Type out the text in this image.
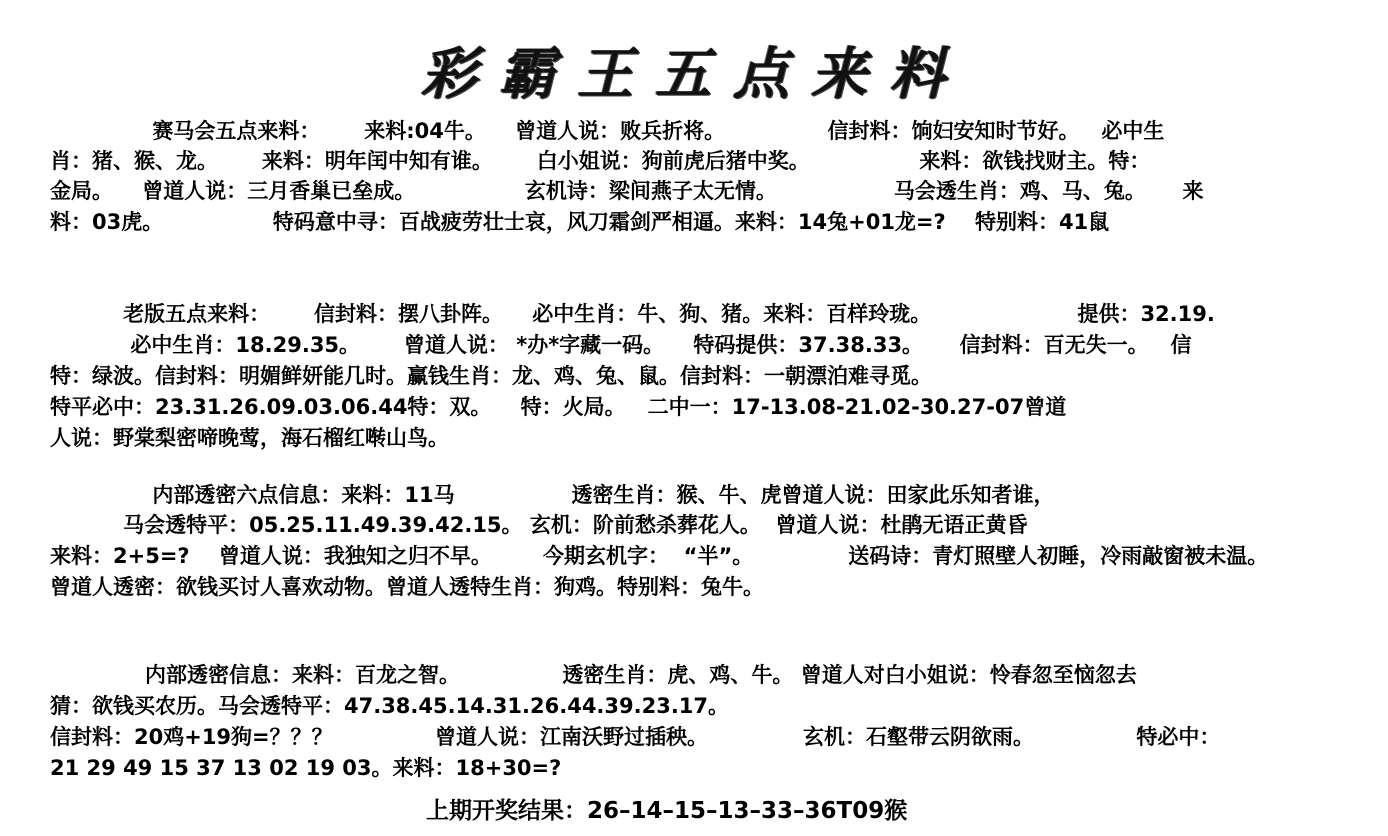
彩霸王五点来料
赛马会五点来料：      来料:04牛。    曾道人说：败兵折将。              信封料：饷妇安知时节好。   必中生
肖：猪、猴、龙。      来料：明年闰中知有谁。      白小姐说：狗前虎后猪中奖。               来料：欲钱找财主。特：
金局。    曾道人说：三月香巢已垒成。               玄机诗：梁间燕子太无情。                马会透生肖：鸡、马、兔。     来
料：03虎。               特码意中寻：百战疲劳壮士哀，风刀霜剑严相逼。来料：14兔+01龙=?    特别料：41鼠
老版五点来料：      信封料：摆八卦阵。    必中生肖：牛、狗、猪。来料：百样玲珑。                    提供：32.19.
必中生肖：18.29.35。      曾道人说： *办*字藏一码。    特码提供：37.38.33。     信封料：百无失一。   信
特：绿波。信封料：明媚鲜妍能几时。赢钱生肖：龙、鸡、兔、鼠。信封料：一朝漂泊难寻觅。
特平必中：23.31.26.09.03.06.44特：双。    特：火局。   二中一：17-13.08-21.02-30.27-07曾道
人说：野棠梨密啼晚莺，海石榴红啭山鸟。
内部透密六点信息：来料：11马                透密生肖：猴、牛、虎曾道人说：田家此乐知者谁，
马会透特平：05.25.11.49.39.42.15。 玄机：阶前愁杀葬花人。  曾道人说：杜鹃无语正黄昏
来料：2+5=?    曾道人说：我独知之归不早。       今期玄机字：  “半”。             送码诗：青灯照壁人初睡，冷雨敲窗被未温。
曾道人透密：欲钱买讨人喜欢动物。曾道人透特生肖：狗鸡。特别料：兔牛。
内部透密信息：来料：百龙之智。              透密生肖：虎、鸡、牛。 曾道人对白小姐说：怜春忽至恼忽去
猜：欲钱买农历。马会透特平：47.38.45.14.31.26.44.39.23.17。
信封料：20鸡+19狗=？？？              曾道人说：江南沃野过插秧。             玄机：石壑带云阴欲雨。              特必中：
21 29 49 15 37 13 02 19 03。来料：18+30=?
上期开奖结果：26–14–15–13–33–36T09猴
